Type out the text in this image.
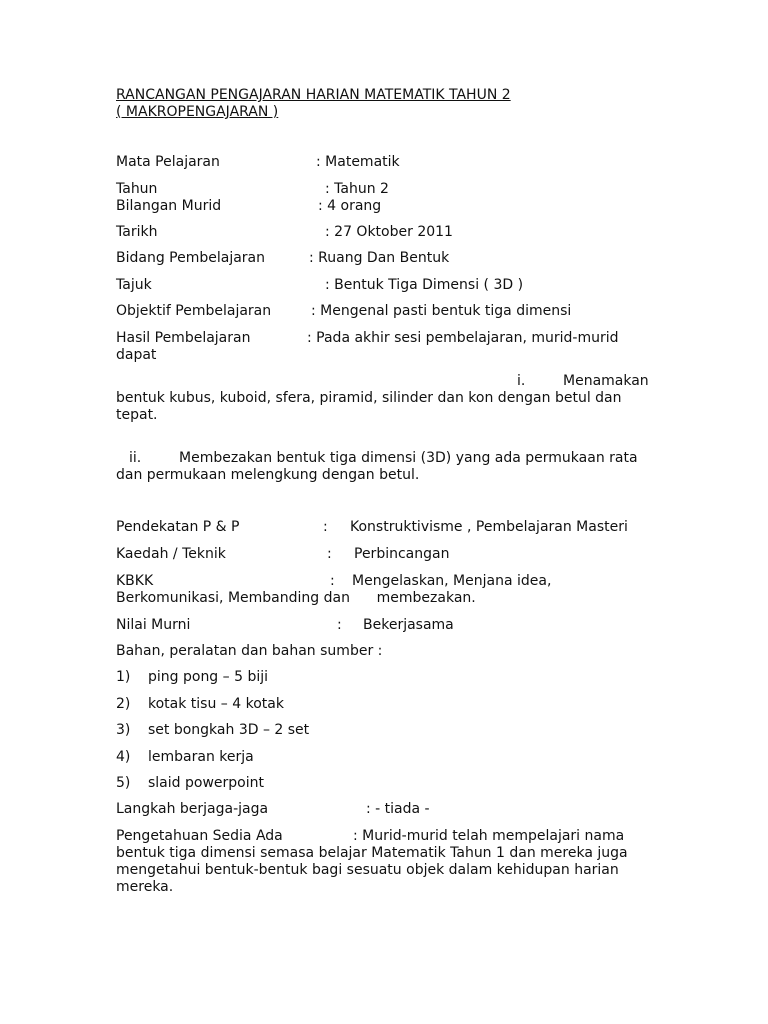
RANCANGAN PENGAJARAN HARIAN MATEMATIK TAHUN 2
( MAKROPENGAJARAN )
Mata Pelajaran	: Matematik
Tahun	: Tahun 2
Bilangan Murid	: 4 orang
Tarikh	: 27 Oktober 2011
Bidang Pembelajaran	: Ruang Dan Bentuk
Tajuk	: Bentuk Tiga Dimensi ( 3D )
Objektif Pembelajaran	: Mengenal pasti bentuk tiga dimensi
Hasil Pembelajaran	: Pada akhir sesi pembelajaran, murid-murid
dapat
i.	Menamakan
bentuk kubus, kuboid, sfera, piramid, silinder dan kon dengan betul dan
tepat.
ii.	Membezakan bentuk tiga dimensi (3D) yang ada permukaan rata
dan permukaan melengkung dengan betul.
Pendekatan P & P	: Konstruktivisme , Pembelajaran Masteri
Kaedah / Teknik	: Perbincangan
KBKK	: Mengelaskan, Menjana idea,
Berkomunikasi, Membanding dan      membezakan.
Nilai Murni	: Bekerjasama
Bahan, peralatan dan bahan sumber :
1) ping pong – 5 biji
2) kotak tisu – 4 kotak
3) set bongkah 3D – 2 set
4) lembaran kerja
5) slaid powerpoint
Langkah berjaga-jaga	: - tiada -
Pengetahuan Sedia Ada	: Murid-murid telah mempelajari nama
bentuk tiga dimensi semasa belajar Matematik Tahun 1 dan mereka juga
mengetahui bentuk-bentuk bagi sesuatu objek dalam kehidupan harian
mereka.
